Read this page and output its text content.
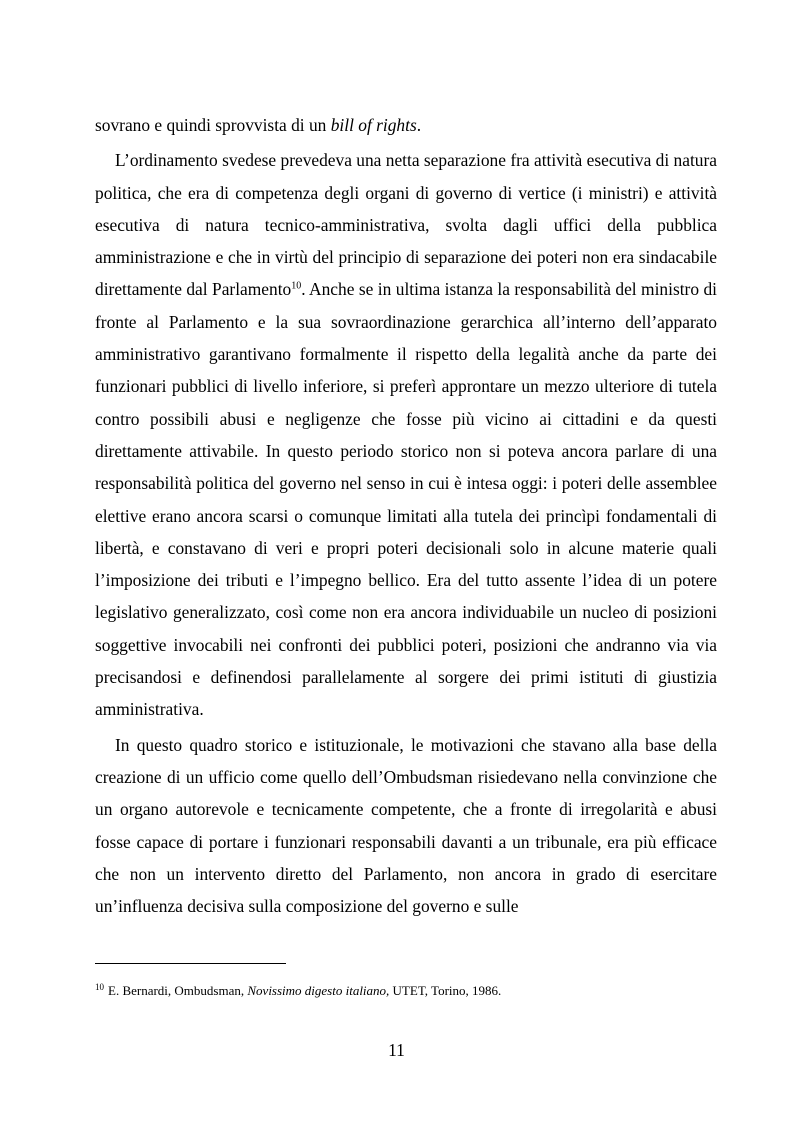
sovrano e quindi sprovvista di un bill of rights.

L’ordinamento svedese prevedeva una netta separazione fra attività esecutiva di natura politica, che era di competenza degli organi di governo di vertice (i ministri) e attività esecutiva di natura tecnico-amministrativa, svolta dagli uffici della pubblica amministrazione e che in virtù del principio di separazione dei poteri non era sindacabile direttamente dal Parlamento$^{10}$. Anche se in ultima istanza la responsabilità del ministro di fronte al Parlamento e la sua sovraordinazione gerarchica all’interno dell’apparato amministrativo garantivano formalmente il rispetto della legalità anche da parte dei funzionari pubblici di livello inferiore, si preferì approntare un mezzo ulteriore di tutela contro possibili abusi e negligenze che fosse più vicino ai cittadini e da questi direttamente attivabile. In questo periodo storico non si poteva ancora parlare di una responsabilità politica del governo nel senso in cui è intesa oggi: i poteri delle assemblee elettive erano ancora scarsi o comunque limitati alla tutela dei princìpi fondamentali di libertà, e constavano di veri e propri poteri decisionali solo in alcune materie quali l’imposizione dei tributi e l’impegno bellico. Era del tutto assente l’idea di un potere legislativo generalizzato, così come non era ancora individuabile un nucleo di posizioni soggettive invocabili nei confronti dei pubblici poteri, posizioni che andranno via via precisandosi e definendosi parallelamente al sorgere dei primi istituti di giustizia amministrativa.

In questo quadro storico e istituzionale, le motivazioni che stavano alla base della creazione di un ufficio come quello dell’Ombudsman risiedevano nella convinzione che un organo autorevole e tecnicamente competente, che a fronte di irregolarità e abusi fosse capace di portare i funzionari responsabili davanti a un tribunale, era più efficace che non un intervento diretto del Parlamento, non ancora in grado di esercitare un’influenza decisiva sulla composizione del governo e sulle

$^{10}$ E. Bernardi, Ombudsman, Novissimo digesto italiano, UTET, Torino, 1986.
11
